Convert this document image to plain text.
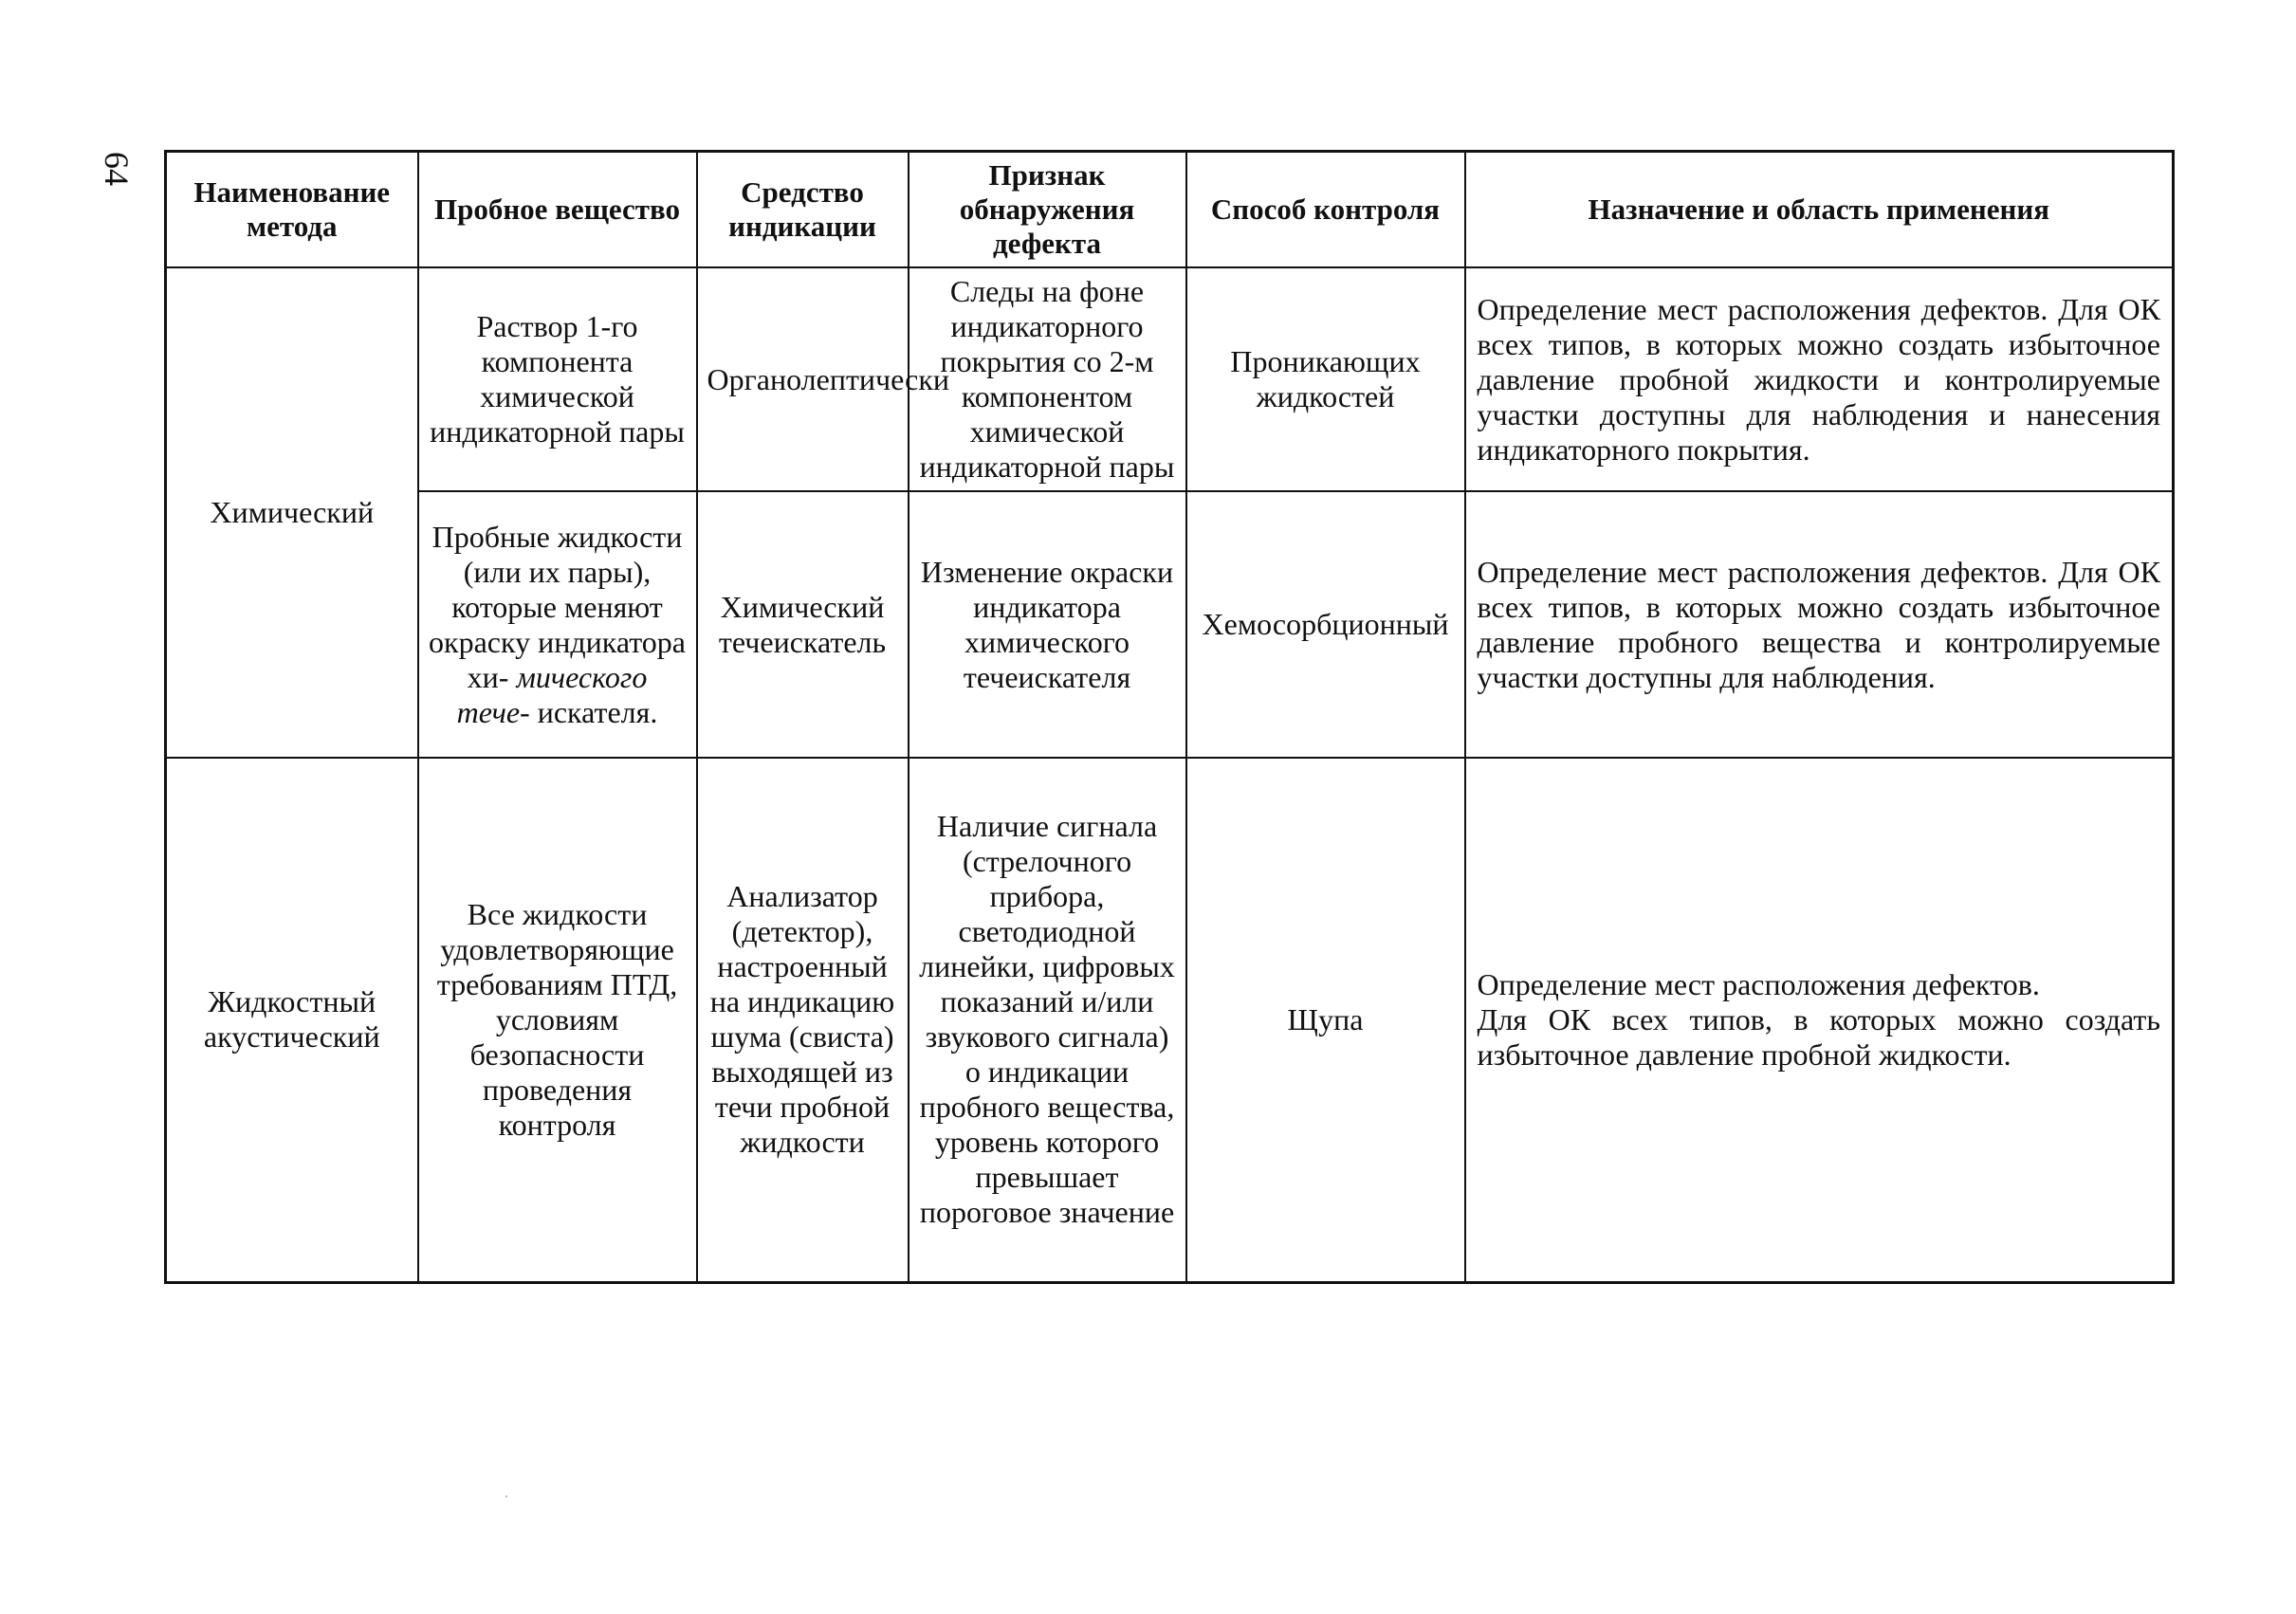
64
Наименование метода	Пробное вещество	Средство индикации	Признак обнаружения дефекта	Способ контроля	Назначение и область применения
Химический	Раствор 1-го компонента химической индикаторной пары	Органолептически	Следы на фоне индикаторного покрытия со 2-м компонентом химической индикаторной пары	Проникающих жидкостей	Определение мест расположения дефектов. Для ОК всех типов, в которых можно создать избыточное давление пробной жидкости и контролируемые участки доступны для наблюдения и нанесения индикаторного покрытия.
	Пробные жидкости (или их пары), которые меняют окраску индикатора хи- мического тече- искателя.	Химический течеискатель	Изменение окраски индикатора химического течеискателя	Хемосорбционный	Определение мест расположения дефектов. Для ОК всех типов, в которых можно создать избыточное давление пробного вещества и контролируемые участки доступны для наблюдения.
Жидкостный акустический	Все жидкости удовлетворяющие требованиям ПТД, условиям безопасности проведения контроля	Анализатор (детектор), настроенный на индикацию шума (свиста) выходящей из течи пробной жидкости	Наличие сигнала (стрелочного прибора, светодиодной линейки, цифровых показаний и/или звукового сигнала) о индикации пробного вещества, уровень которого превышает пороговое значение	Щупа	Определение мест расположения дефектов.
Для ОК всех типов, в которых можно создать избыточное давление пробной жидкости.
